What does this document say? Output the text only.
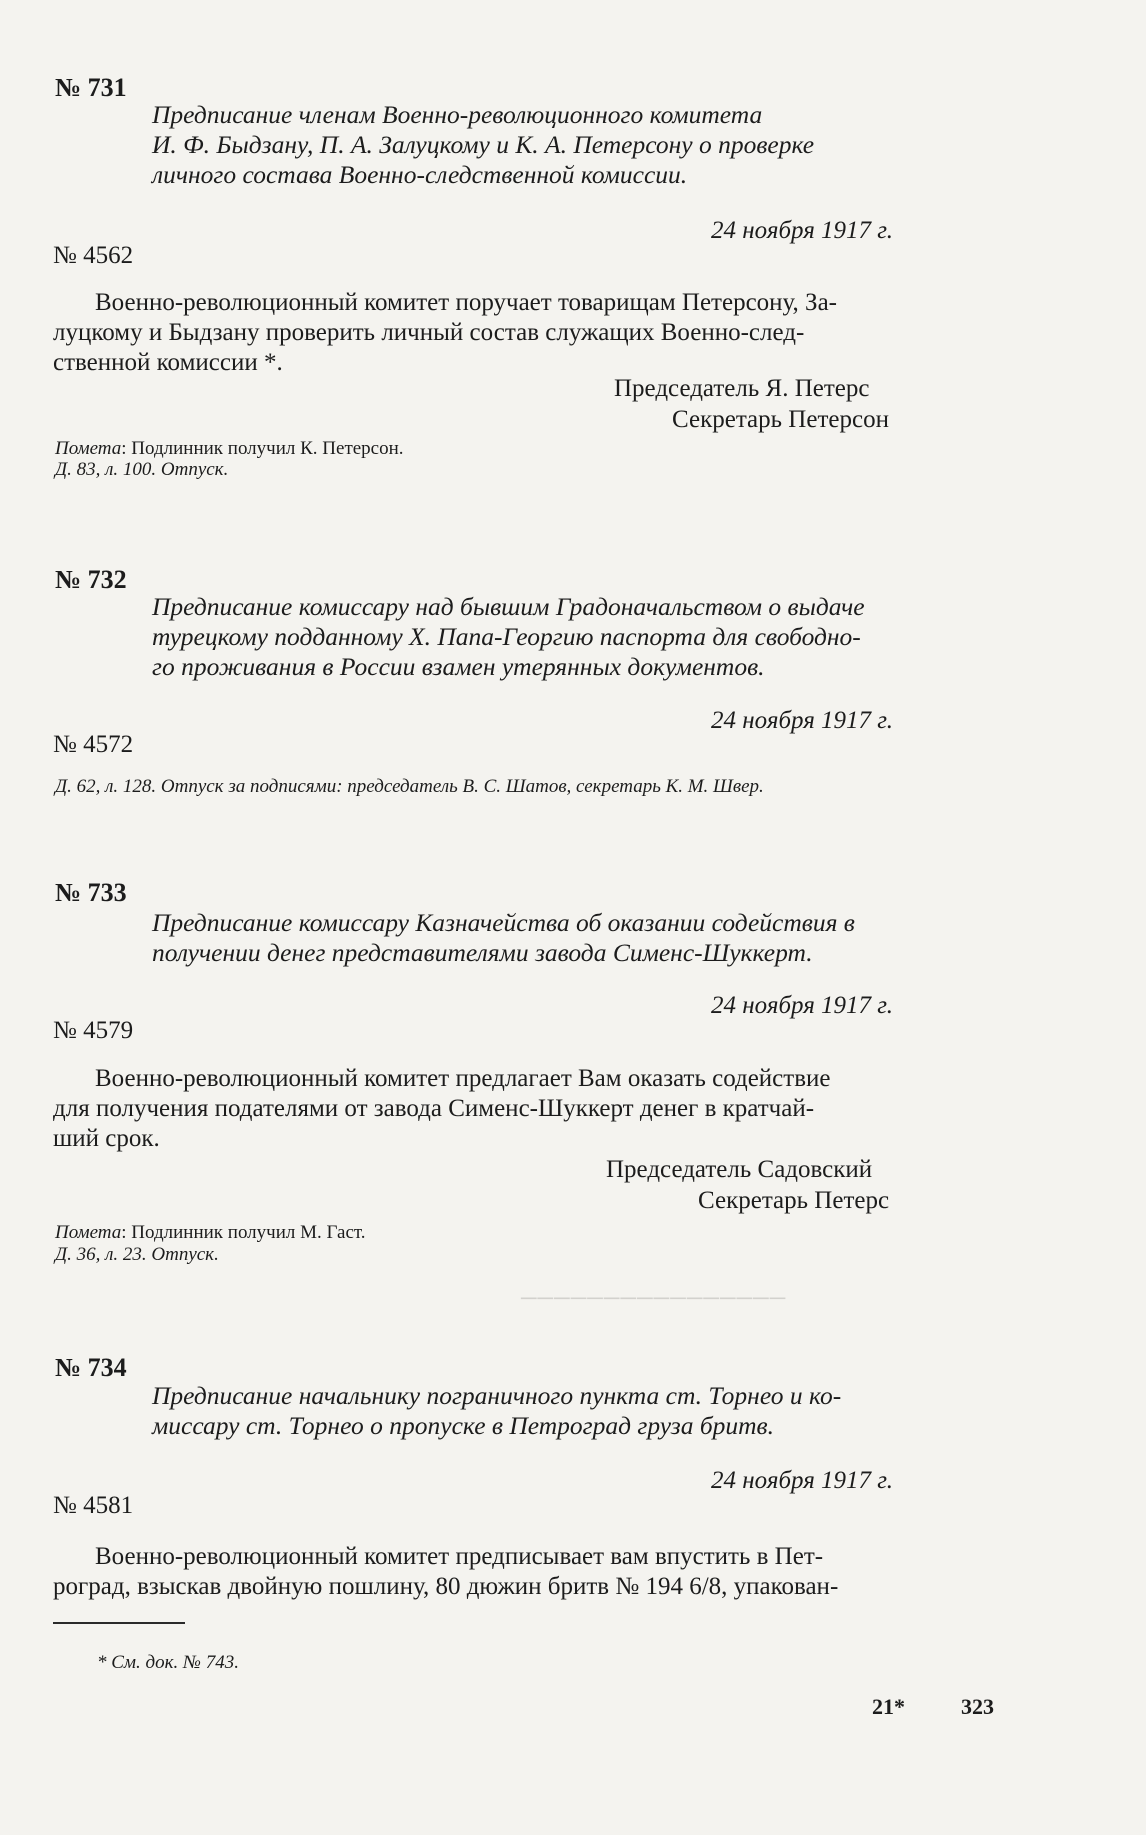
────────────────
№ 731
Предписание членам Военно-революционного комитета
И. Ф. Быдзану, П. А. Залуцкому и К. А. Петерсону о проверке
личного состава Военно-следственной комиссии.
24 ноября 1917 г.
№ 4562
Военно-революционный комитет поручает товарищам Петерсону, За-
луцкому и Быдзану проверить личный состав служащих Военно-след-
ственной комиссии *.
Председатель Я. Петерс
Секретарь Петерсон
Помета: Подлинник получил К. Петерсон.
Д. 83, л. 100. Отпуск.
№ 732
Предписание комиссару над бывшим Градоначальством о выдаче
турецкому подданному Х. Папа-Георгию паспорта для свободно-
го проживания в России взамен утерянных документов.
24 ноября 1917 г.
№ 4572
Д. 62, л. 128. Отпуск за подписями: председатель В. С. Шатов, секретарь К. М. Швер.
№ 733
Предписание комиссару Казначейства об оказании содействия в
получении денег представителями завода Сименс-Шуккерт.
24 ноября 1917 г.
№ 4579
Военно-революционный комитет предлагает Вам оказать содействие
для получения подателями от завода Сименс-Шуккерт денег в кратчай-
ший срок.
Председатель Садовский
Секретарь Петерс
Помета: Подлинник получил М. Гаст.
Д. 36, л. 23. Отпуск.
№ 734
Предписание начальнику пограничного пункта ст. Торнео и ко-
миссару ст. Торнео о пропуске в Петроград груза бритв.
24 ноября 1917 г.
№ 4581
Военно-революционный комитет предписывает вам впустить в Пет-
роград, взыскав двойную пошлину, 80 дюжин бритв № 194 6/8, упакован-
* См. док. № 743.
21*	323
